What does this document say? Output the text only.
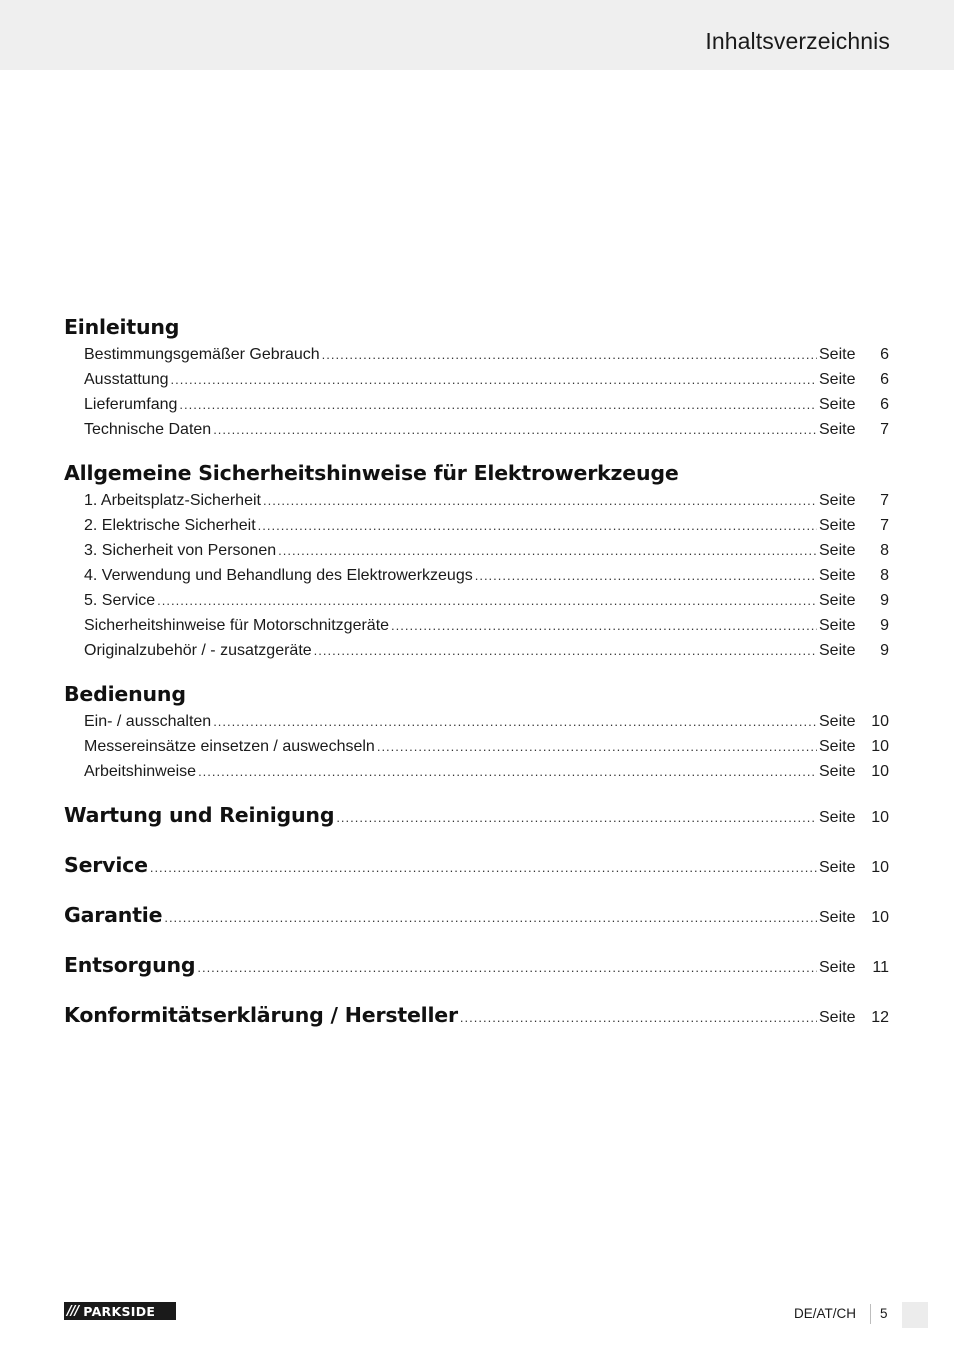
Inhaltsverzeichnis
Einleitung
Bestimmungsgemäßer Gebrauch .....	Seite	6
Ausstattung .....	Seite	6
Lieferumfang .....	Seite	6
Technische Daten .....	Seite	7
Allgemeine Sicherheitshinweise für Elektrowerkzeuge
1. Arbeitsplatz-Sicherheit .....	Seite	7
2. Elektrische Sicherheit .....	Seite	7
3. Sicherheit von Personen .....	Seite	8
4. Verwendung und Behandlung des Elektrowerkzeugs .....	Seite	8
5. Service .....	Seite	9
Sicherheitshinweise für Motorschnitzgeräte .....	Seite	9
Originalzubehör / - zusatzgeräte .....	Seite	9
Bedienung
Ein- / ausschalten .....	Seite 10
Messereinsätze einsetzen / auswechseln .....	Seite 10
Arbeitshinweise .....	Seite 10
Wartung und Reinigung .....	Seite 10
Service .....	Seite 10
Garantie .....	Seite 10
Entsorgung .....	Seite	11
Konformitätserklärung / Hersteller .....	Seite 12
/// PARKSIDE	DE/AT/CH 5
